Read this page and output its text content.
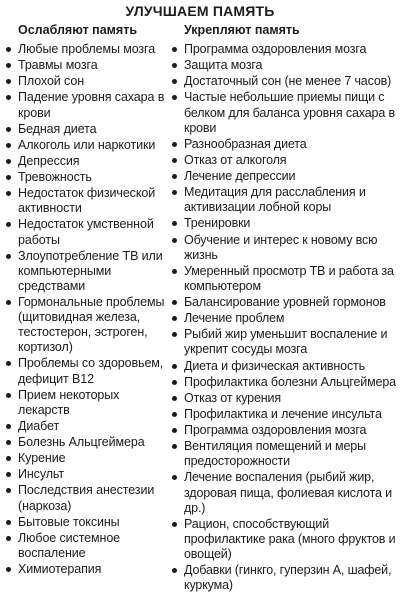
УЛУЧШАЕМ ПАМЯТЬ
Ослабляют память
Любые проблемы мозга
Травмы мозга
Плохой сон
Падение уровня сахара в крови
Бедная диета
Алкоголь или наркотики
Депрессия
Тревожность
Недостаток физической активности
Недостаток умственной работы
Злоупотребление ТВ или компьютерными средствами
Гормональные проблемы (щитовидная железа, тестостерон, эстроген, кортизол)
Проблемы со здоровьем, дефицит В12
Прием некоторых лекарств
Диабет
Болезнь Альцгеймера
Курение
Инсульт
Последствия анестезии (наркоза)
Бытовые токсины
Любое системное воспаление
Химиотерапия
Укрепляют память
Программа оздоровления мозга
Защита мозга
Достаточный сон (не менее 7 часов)
Частые небольшие приемы пищи с белком для баланса уровня сахара в крови
Разнообразная диета
Отказ от алкоголя
Лечение депрессии
Медитация для расслабления и активизации лобной коры
Тренировки
Обучение и интерес к новому всю жизнь
Умеренный просмотр ТВ и работа за компьютером
Балансирование уровней гормонов
Лечение проблем
Рыбий жир уменьшит воспаление и укрепит сосуды мозга
Диета и физическая активность
Профилактика болезни Альцгеймера
Отказ от курения
Профилактика и лечение инсульта
Программа оздоровления мозга
Вентиляция помещений и меры предосторожности
Лечение воспаления (рыбий жир, здоровая пища, фолиевая кислота и др.)
Рацион, способствующий профилактике рака (много фруктов и овощей)
Добавки (гинкго, гуперзин А, шафей, куркума)
